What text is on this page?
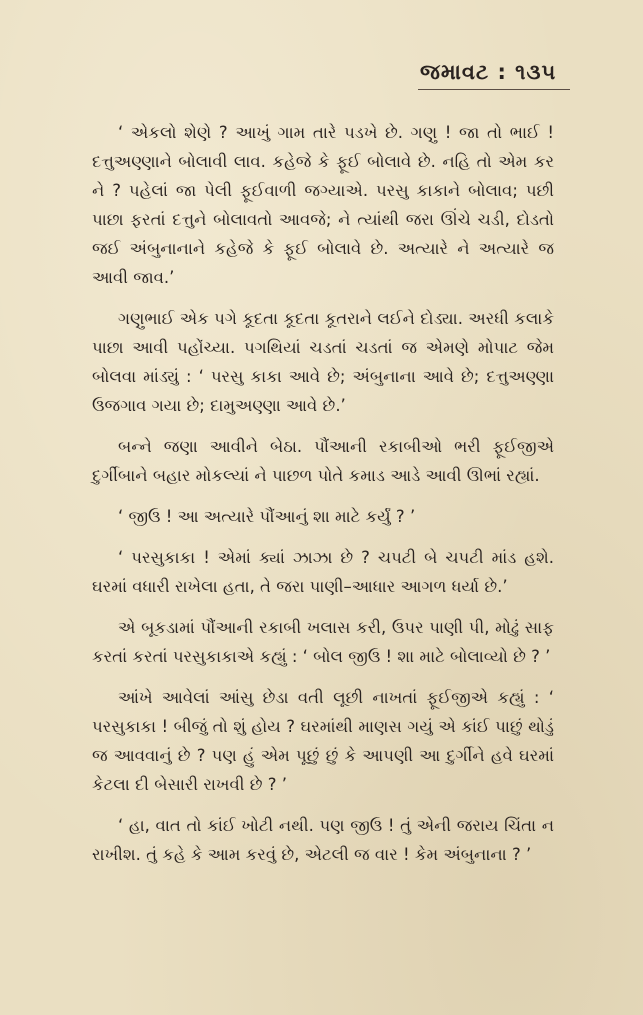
જમાવટ : ૧૩૫

‘ એકલો શેણે ? આખું ગામ તારે પડખે છે. ગણુ ! જા તો ભાઈ ! દત્તુઅણ્ણાને બોલાવી લાવ. કહેજે કે ફૂઈ બોલાવે છે. નહિ તો એમ કર ને ? પહેલાં જા પેલી ફૂઈવાળી જગ્યાએ. પરસુ કાકાને બોલાવ; પછી પાછા ફરતાં દત્તુને બોલાવતો આવજે; ને ત્યાંથી જરા ઊંચે ચડી, દોડતો જઈ અંબુનાનાને કહેજે કે ફૂઈ બોલાવે છે. અત્યારે ને અત્યારે જ આવી જાવ.’

ગણુભાઈ એક પગે કૂદતા કૂદતા કૂતરાને લઈને દોડ્યા. અરધી કલાકે પાછા આવી પહોંચ્યા. પગથિયાં ચડતાં ચડતાં જ એમણે મોપાટ જેમ બોલવા માંડ્યું : ‘ પરસુ કાકા આવે છે; અંબુનાના આવે છે; દત્તુઅણ્ણા ઉજગાવ ગયા છે; દામુઅણ્ણા આવે છે.’

બન્ને જણા આવીને બેઠા. પૌંઆની રકાબીઓ ભરી ફૂઈજીએ દુર્ગીબાને બહાર મોકલ્યાં ને પાછળ પોતે કમાડ આડે આવી ઊભાં રહ્યાં.

‘ જીઉ ! આ અત્યારે પૌંઆનું શા માટે કર્યું ? ’

‘ પરસુકાકા ! એમાં ક્યાં ઝાઝા છે ? ચપટી બે ચપટી માંડ હશે. ઘરમાં વધારી રાખેલા હતા, તે જરા પાણી–આધાર આગળ ધર્યા છે.’

એ બૂકડામાં પૌંઆની રકાબી ખલાસ કરી, ઉપર પાણી પી, મોઢું સાફ કરતાં કરતાં પરસુકાકાએ કહ્યું : ‘ બોલ જીઉ ! શા માટે બોલાવ્યો છે ? ’

આંખે આવેલાં આંસુ છેડા વતી લૂછી નાખતાં ફૂઈજીએ કહ્યું : ‘ પરસુકાકા ! બીજું તો શું હોય ? ઘરમાંથી માણસ ગયું એ કાંઈ પાછું થોડું જ આવવાનું છે ? પણ હું એમ પૂછું છું કે આપણી આ દુર્ગીને હવે ઘરમાં કેટલા દી બેસારી રાખવી છે ? ’

‘ હા, વાત તો કાંઈ ખોટી નથી. પણ જીઉ ! તું એની જરાય ચિંતા ન રાખીશ. તું કહે કે આમ કરવું છે, એટલી જ વાર ! કેમ અંબુનાના ? ’
